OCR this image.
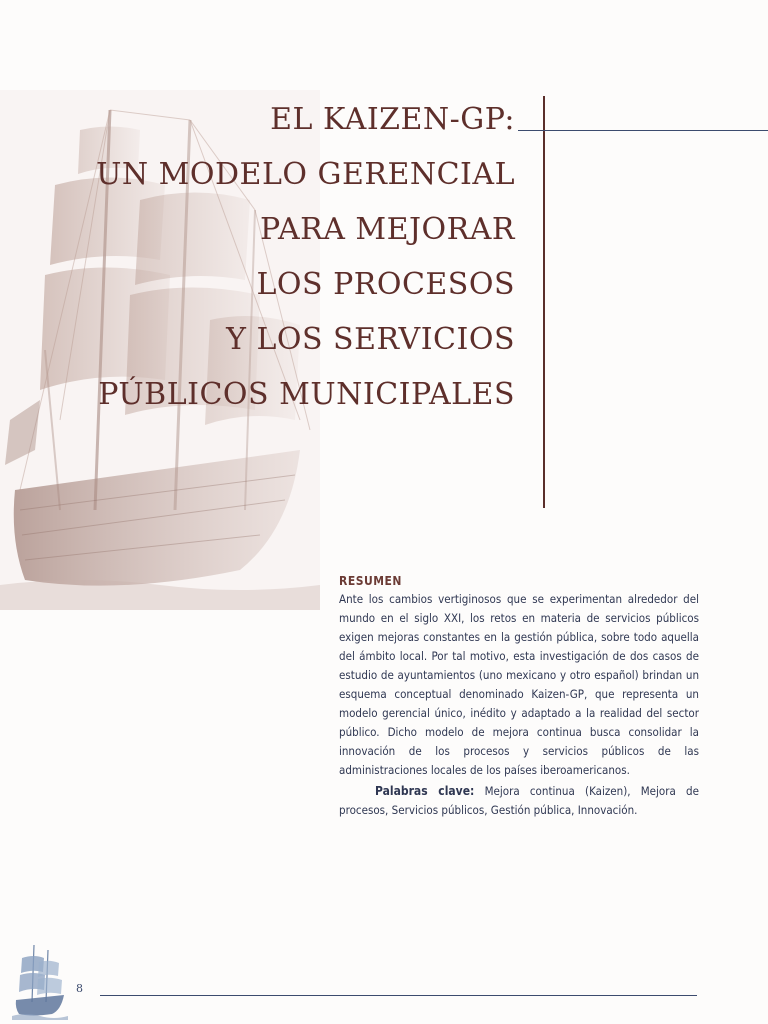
EL KAIZEN-GP:
UN MODELO GERENCIAL
PARA MEJORAR
LOS PROCESOS
Y LOS SERVICIOS
PÚBLICOS MUNICIPALES
RESUMEN
Ante los cambios vertiginosos que se experimentan alrededor del mundo en el siglo XXI, los retos en materia de servicios públicos exigen mejoras constantes en la gestión pública, sobre todo aquella del ámbito local. Por tal motivo, esta investigación de dos casos de estudio de ayuntamientos (uno mexicano y otro español) brindan un esquema conceptual denominado Kaizen-GP, que representa un modelo gerencial único, inédito y adaptado a la realidad del sector público. Dicho modelo de mejora continua busca consolidar la innovación de los procesos y servicios públicos de las administraciones locales de los países iberoamericanos.
Palabras clave: Mejora continua (Kaizen), Mejora de procesos, Servicios públicos, Gestión pública, Innovación.
8
